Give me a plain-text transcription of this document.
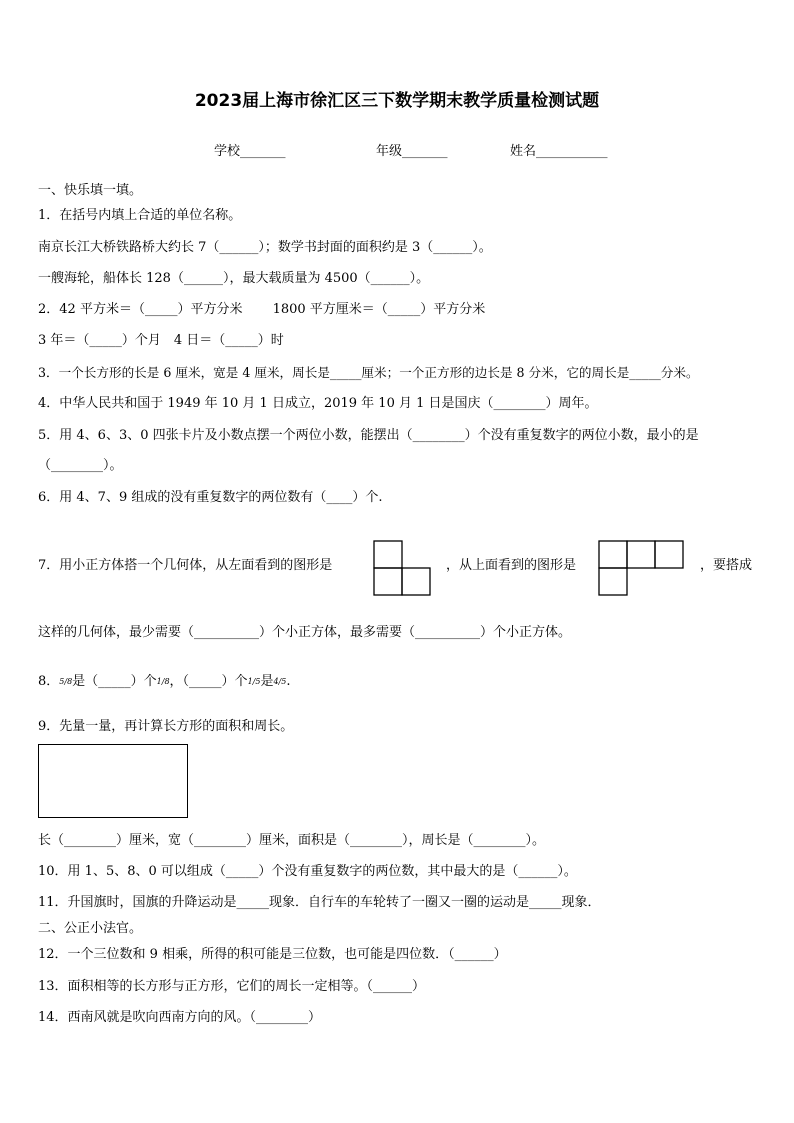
2023届上海市徐汇区三下数学期末教学质量检测试题
学校_______	年级_______	姓名___________
一、快乐填一填。
1．在括号内填上合适的单位名称。
南京长江大桥铁路桥大约长 7（______）；数学书封面的面积约是 3（______）。
一艘海轮，船体长 128（______），最大载质量为 4500（______）。
2．42 平方米＝（_____）平方分米　　 1800 平方厘米＝（_____）平方分米
3 年＝（_____）个月　4 日＝（_____）时
3．一个长方形的长是 6 厘米，宽是 4 厘米，周长是_____厘米；一个正方形的边长是 8 分米，它的周长是_____分米。
4．中华人民共和国于 1949 年 10 月 1 日成立，2019 年 10 月 1 日是国庆（________）周年。
5．用 4、6、3、0 四张卡片及小数点摆一个两位小数，能摆出（________）个没有重复数字的两位小数，最小的是
（________）。
6．用 4、7、9 组成的没有重复数字的两位数有（____）个.
7．用小正方体搭一个几何体，从左面看到的图形是	，从上面看到的图形是	，要搭成
这样的几何体，最少需要（__________）个小正方体，最多需要（__________）个小正方体。
8．5/8是（_____）个1/8，（_____）个1/5是4/5.
9．先量一量，再计算长方形的面积和周长。
长（________）厘米，宽（________）厘米，面积是（________），周长是（________）。
10．用 1、5、8、0 可以组成（_____）个没有重复数字的两位数，其中最大的是（______）。
11．升国旗时，国旗的升降运动是_____现象．自行车的车轮转了一圈又一圈的运动是_____现象．
二、公正小法官。
12．一个三位数和 9 相乘，所得的积可能是三位数，也可能是四位数．（______）
13．面积相等的长方形与正方形，它们的周长一定相等。（______）
14．西南风就是吹向西南方向的风。（________）
